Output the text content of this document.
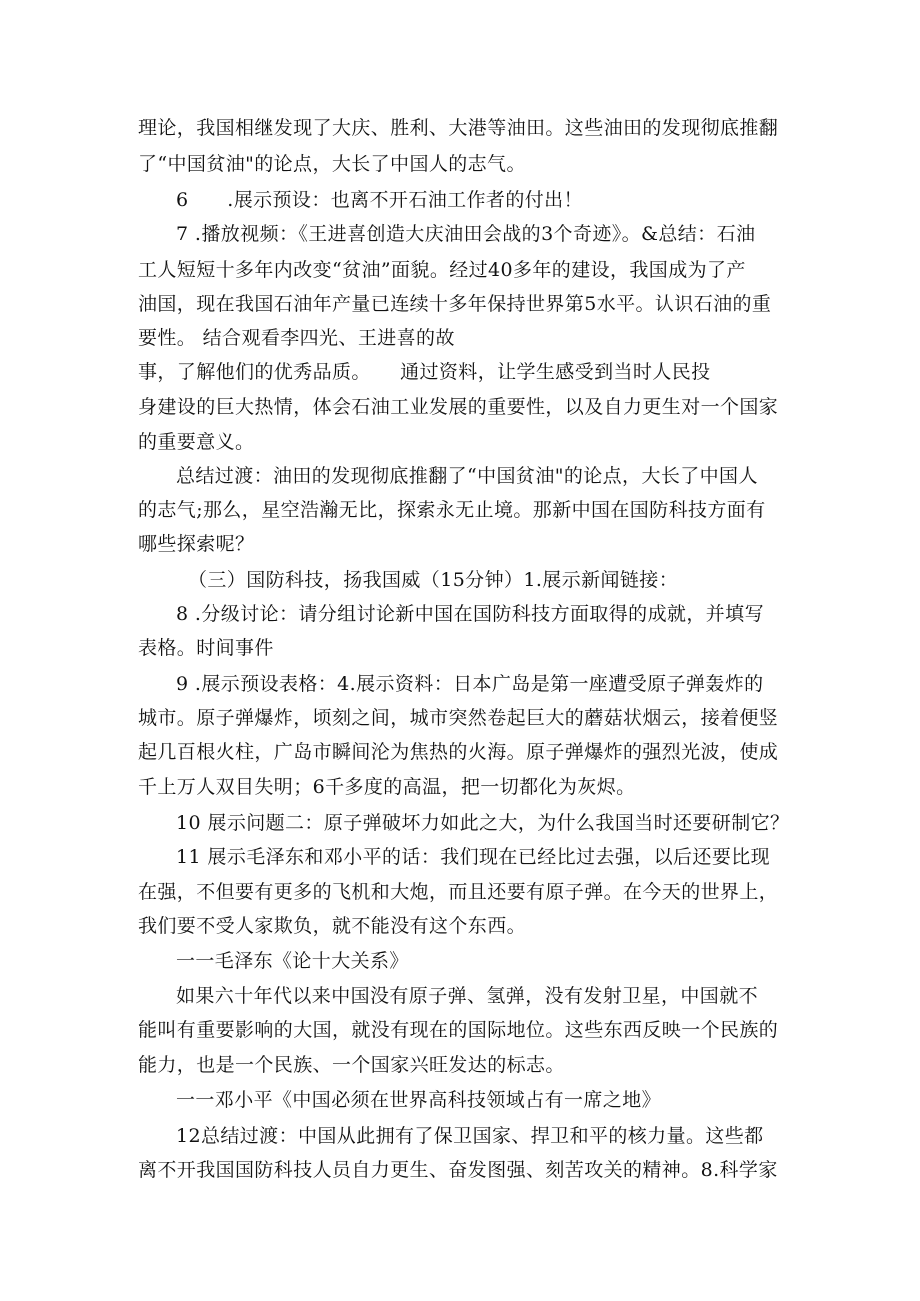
理论，我国相继发现了大庆、胜利、大港等油田。这些油田的发现彻底推翻
了“中国贫油"的论点，大长了中国人的志气。
6　　.展示预设：也离不开石油工作者的付出！
7 .播放视频：《王进喜创造大庆油田会战的3个奇迹》。&总结：石油
工人短短十多年内改变“贫油”面貌。经过40多年的建设，我国成为了产
油国，现在我国石油年产量已连续十多年保持世界第5水平。认识石油的重
要性。 结合观看李四光、王进喜的故
事，了解他们的优秀品质。　　通过资料，让学生感受到当时人民投
身建设的巨大热情，体会石油工业发展的重要性，以及自力更生对一个国家
的重要意义。
总结过渡：油田的发现彻底推翻了“中国贫油"的论点，大长了中国人
的志气;那么，星空浩瀚无比，探索永无止境。那新中国在国防科技方面有
哪些探索呢？
（三）国防科技，扬我国威（15分钟）1.展示新闻链接：
8 .分级讨论：请分组讨论新中国在国防科技方面取得的成就，并填写
表格。时间事件
9 .展示预设表格：4.展示资料：日本广岛是第一座遭受原子弹轰炸的
城市。原子弹爆炸，顷刻之间，城市突然卷起巨大的蘑菇状烟云，接着便竖
起几百根火柱，广岛市瞬间沦为焦热的火海。原子弹爆炸的强烈光波，使成
千上万人双目失明；6千多度的高温，把一切都化为灰烬。
10 展示问题二：原子弹破坏力如此之大，为什么我国当时还要研制它？
11 展示毛泽东和邓小平的话：我们现在已经比过去强，以后还要比现
在强，不但要有更多的飞机和大炮，而且还要有原子弹。在今天的世界上，
我们要不受人家欺负，就不能没有这个东西。
一一毛泽东《论十大关系》
如果六十年代以来中国没有原子弹、氢弹，没有发射卫星，中国就不
能叫有重要影响的大国，就没有现在的国际地位。这些东西反映一个民族的
能力，也是一个民族、一个国家兴旺发达的标志。
一一邓小平《中国必须在世界高科技领域占有一席之地》
12总结过渡：中国从此拥有了保卫国家、捍卫和平的核力量。这些都
离不开我国国防科技人员自力更生、奋发图强、刻苦攻关的精神。8.科学家
